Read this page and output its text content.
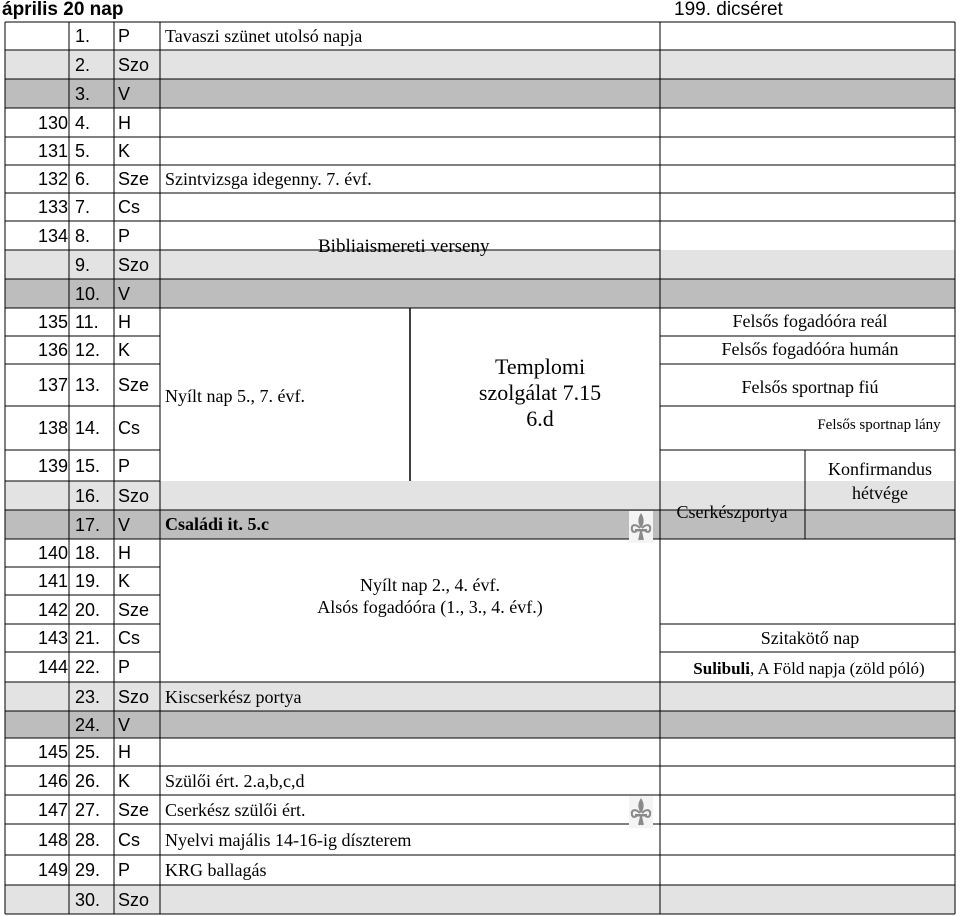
április 20 nap	199. dicséret
1. P Tavaszi szünet utolsó napja
2. Szo
3. V
130 4. H
131 5. K
132 6. Sze Szintvizsga idegenny. 7. évf.
133 7. Cs
134 8. P
9. Szo
10. V
135 11. H
136 12. K
137 13. Sze
138 14. Cs
139 15. P
16. Szo
17. V
140 18. H
141 19. K
142 20. Sze
143 21. Cs
144 22. P
23. Szo Kiscserkész portya
24. V
145 25. H
146 26. K Szülői ért. 2.a,b,c,d
147 27. Sze Cserkész szülői ért.
148 28. Cs Nyelvi majális 14-16-ig díszterem
149 29. P KRG ballagás
30. Szo
Bibliaismereti verseny
Nyílt nap 5., 7. évf.
Templomi
szolgálat 7.15
6.d
Családi it. 5.c
Nyílt nap 2., 4. évf.
Alsós fogadóóra (1., 3., 4. évf.)
Felsős fogadóóra reál
Felsős fogadóóra humán
Felsős sportnap fiú
Felsős sportnap lány
Konfirmandus
hétvége
Cserkészportya
Szitakötő nap
Sulibuli, A Föld napja (zöld póló)
